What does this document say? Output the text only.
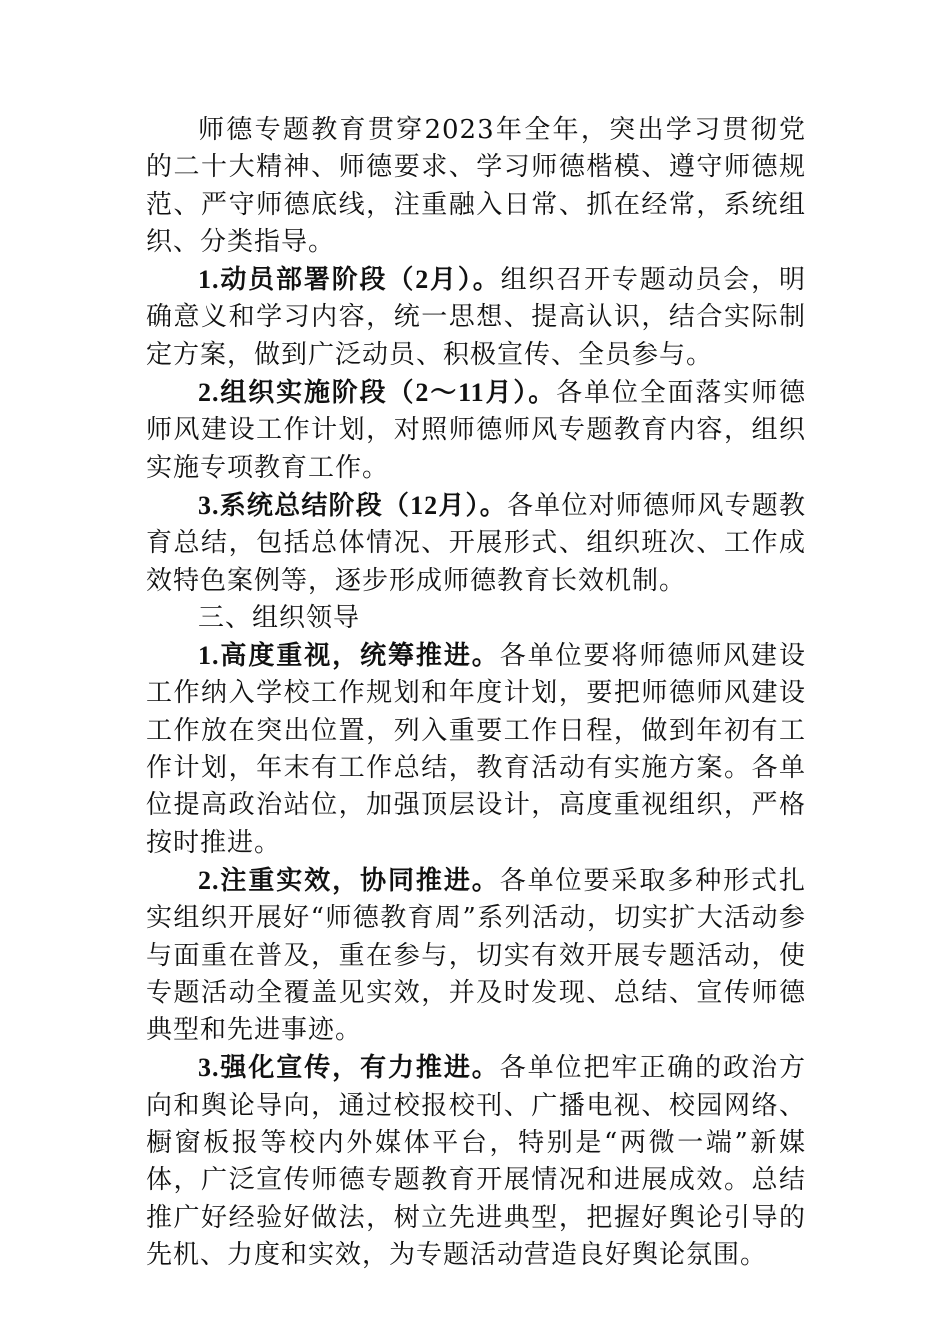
师德专题教育贯穿2023年全年，突出学习贯彻党的二十大精神、师德要求、学习师德楷模、遵守师德规范、严守师德底线，注重融入日常、抓在经常，系统组织、分类指导。

1.动员部署阶段（2月）。组织召开专题动员会，明确意义和学习内容，统一思想、提高认识，结合实际制定方案，做到广泛动员、积极宣传、全员参与。

2.组织实施阶段（2～11月）。各单位全面落实师德师风建设工作计划，对照师德师风专题教育内容，组织实施专项教育工作。

3.系统总结阶段（12月）。各单位对师德师风专题教育总结，包括总体情况、开展形式、组织班次、工作成效特色案例等，逐步形成师德教育长效机制。

三、组织领导

1.高度重视，统筹推进。各单位要将师德师风建设工作纳入学校工作规划和年度计划，要把师德师风建设工作放在突出位置，列入重要工作日程，做到年初有工作计划，年末有工作总结，教育活动有实施方案。各单位提高政治站位，加强顶层设计，高度重视组织，严格按时推进。

2.注重实效，协同推进。各单位要采取多种形式扎实组织开展好“师德教育周”系列活动，切实扩大活动参与面重在普及，重在参与，切实有效开展专题活动，使专题活动全覆盖见实效，并及时发现、总结、宣传师德典型和先进事迹。

3.强化宣传，有力推进。各单位把牢正确的政治方向和舆论导向，通过校报校刊、广播电视、校园网络、橱窗板报等校内外媒体平台，特别是“两微一端”新媒体，广泛宣传师德专题教育开展情况和进展成效。总结推广好经验好做法，树立先进典型，把握好舆论引导的先机、力度和实效，为专题活动营造良好舆论氛围。
